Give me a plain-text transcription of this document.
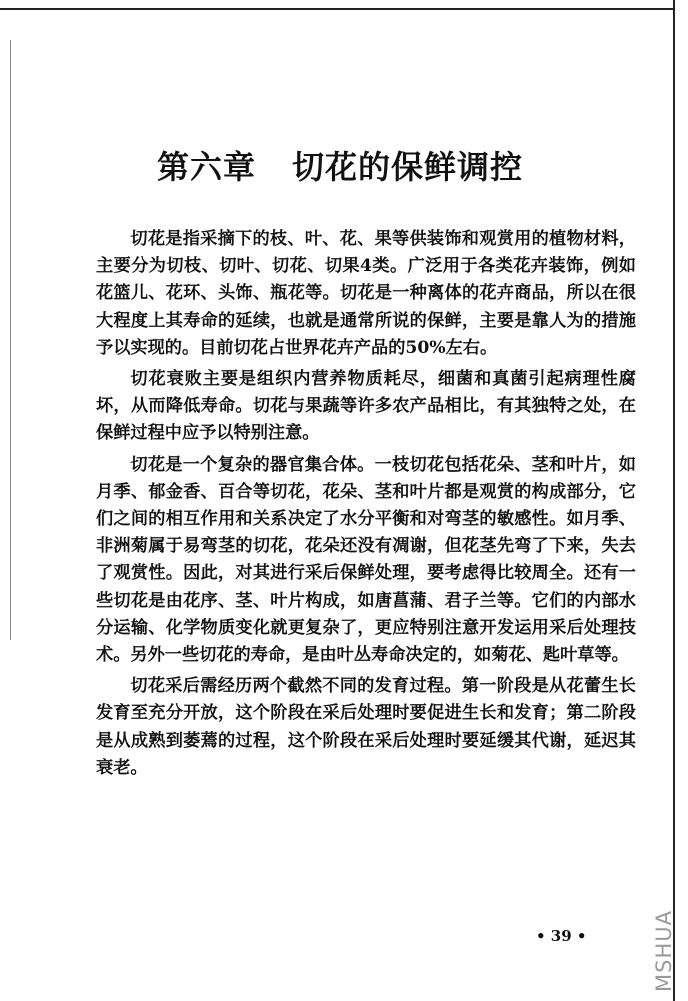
第六章 切花的保鲜调控

切花是指采摘下的枝、叶、花、果等供装饰和观赏用的植物材料，主要分为切枝、切叶、切花、切果4类。广泛用于各类花卉装饰，例如花篮儿、花环、头饰、瓶花等。切花是一种离体的花卉商品，所以在很大程度上其寿命的延续，也就是通常所说的保鲜，主要是靠人为的措施予以实现的。目前切花占世界花卉产品的50%左右。

切花衰败主要是组织内营养物质耗尽，细菌和真菌引起病理性腐坏，从而降低寿命。切花与果蔬等许多农产品相比，有其独特之处，在保鲜过程中应予以特别注意。

切花是一个复杂的器官集合体。一枝切花包括花朵、茎和叶片，如月季、郁金香、百合等切花，花朵、茎和叶片都是观赏的构成部分，它们之间的相互作用和关系决定了水分平衡和对弯茎的敏感性。如月季、非洲菊属于易弯茎的切花，花朵还没有凋谢，但花茎先弯了下来，失去了观赏性。因此，对其进行采后保鲜处理，要考虑得比较周全。还有一些切花是由花序、茎、叶片构成，如唐菖蒲、君子兰等。它们的内部水分运输、化学物质变化就更复杂了，更应特别注意开发运用采后处理技术。另外一些切花的寿命，是由叶丛寿命决定的，如菊花、匙叶草等。

切花采后需经历两个截然不同的发育过程。第一阶段是从花蕾生长发育至充分开放，这个阶段在采后处理时要促进生长和发育；第二阶段是从成熟到萎蔫的过程，这个阶段在采后处理时要延缓其代谢，延迟其衰老。

• 39 •	MSHUA
